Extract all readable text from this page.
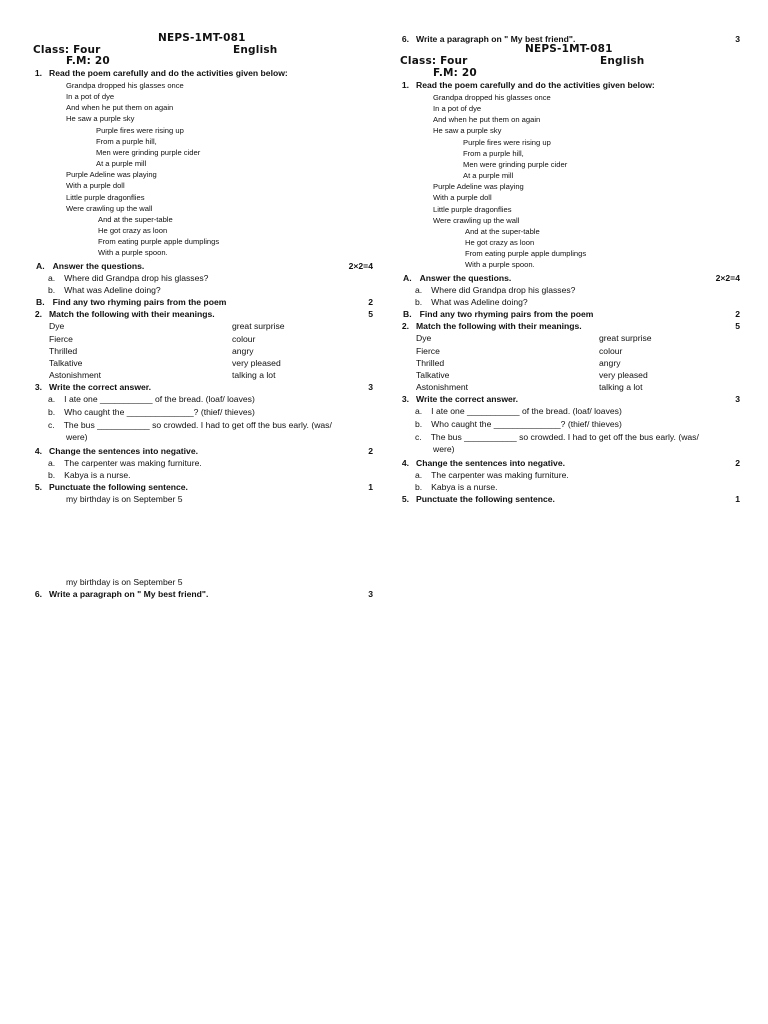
NEPS-1MT-081
Class: Four	English
F.M: 20
1. Read the poem carefully and do the activities given below:
Grandpa dropped his glasses once
In a pot of dye
And when he put them on again
He saw a purple sky
Purple fires were rising up
From a purple hill,
Men were grinding purple cider
At a purple mill
Purple Adeline was playing
With a purple doll
Little purple dragonflies
Were crawling up the wall
And at the super-table
He got crazy as loon
From eating purple apple dumplings
With a purple spoon.
A. Answer the questions.	2×2=4
a. Where did Grandpa drop his glasses?
b. What was Adeline doing?
B. Find any two rhyming pairs from the poem	2
2. Match the following with their meanings.	5
Dye	great surprise
Fierce	colour
Thrilled	angry
Talkative	very pleased
Astonishment	talking a lot
3. Write the correct answer.	3
a. I ate one ___________ of the bread. (loaf/ loaves)
b. Who caught the ______________? (thief/ thieves)
c. The bus ___________ so crowded. I had to get off the bus early. (was/
were)
4. Change the sentences into negative.	2
a. The carpenter was making furniture.
b. Kabya is a nurse.
5. Punctuate the following sentence.	1
my birthday is on September 5
my birthday is on September 5
6. Write a paragraph on " My best friend".	3
6. Write a paragraph on " My best friend".	3
NEPS-1MT-081
Class: Four	English
F.M: 20
1. Read the poem carefully and do the activities given below:
Grandpa dropped his glasses once
In a pot of dye
And when he put them on again
He saw a purple sky
Purple fires were rising up
From a purple hill,
Men were grinding purple cider
At a purple mill
Purple Adeline was playing
With a purple doll
Little purple dragonflies
Were crawling up the wall
And at the super-table
He got crazy as loon
From eating purple apple dumplings
With a purple spoon.
A. Answer the questions.	2×2=4
a. Where did Grandpa drop his glasses?
b. What was Adeline doing?
B. Find any two rhyming pairs from the poem	2
2. Match the following with their meanings.	5
Dye	great surprise
Fierce	colour
Thrilled	angry
Talkative	very pleased
Astonishment	talking a lot
3. Write the correct answer.	3
a. I ate one ___________ of the bread. (loaf/ loaves)
b. Who caught the ______________? (thief/ thieves)
c. The bus ___________ so crowded. I had to get off the bus early. (was/
were)
4. Change the sentences into negative.	2
a. The carpenter was making furniture.
b. Kabya is a nurse.
5. Punctuate the following sentence.	1
